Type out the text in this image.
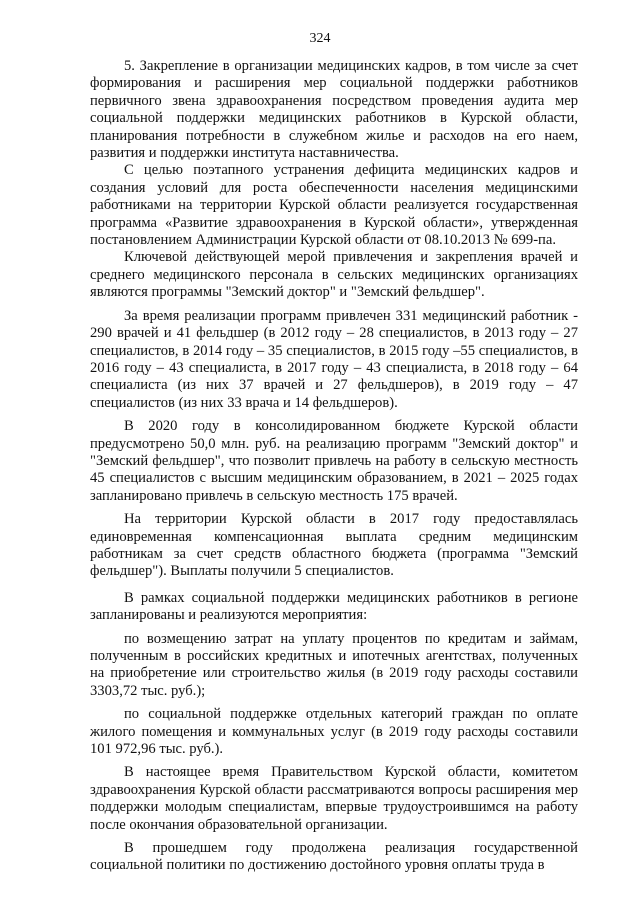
324

5. Закрепление в организации медицинских кадров, в том числе за счет формирования и расширения мер социальной поддержки работников первичного звена здравоохранения посредством проведения аудита мер социальной поддержки медицинских работников в Курской области, планирования потребности в служебном жилье и расходов на его наем, развития и поддержки института наставничества.

С целью поэтапного устранения дефицита медицинских кадров и создания условий для роста обеспеченности населения медицинскими работниками на территории Курской области реализуется государственная программа «Развитие здравоохранения в Курской области», утвержденная постановлением Администрации Курской области от 08.10.2013 № 699-па.

Ключевой действующей мерой привлечения и закрепления врачей и среднего медицинского персонала в сельских медицинских организациях являются программы "Земский доктор" и "Земский фельдшер".

За время реализации программ привлечен 331 медицинский работник - 290 врачей и 41 фельдшер (в 2012 году – 28 специалистов, в 2013 году – 27 специалистов, в 2014 году – 35 специалистов, в 2015 году –55 специалистов, в 2016 году – 43 специалиста, в 2017 году – 43 специалиста, в 2018 году – 64 специалиста (из них 37 врачей и 27 фельдшеров), в 2019 году – 47 специалистов (из них 33 врача и 14 фельдшеров).

В 2020 году в консолидированном бюджете Курской области предусмотрено 50,0 млн. руб. на реализацию программ "Земский доктор" и "Земский фельдшер", что позволит привлечь на работу в сельскую местность 45 специалистов с высшим медицинским образованием, в 2021 – 2025 годах запланировано привлечь в сельскую местность 175 врачей.

На территории Курской области в 2017 году предоставлялась единовременная компенсационная выплата средним медицинским работникам за счет средств областного бюджета (программа "Земский фельдшер"). Выплаты получили 5 специалистов.

В рамках социальной поддержки медицинских работников в регионе запланированы и реализуются мероприятия:

по возмещению затрат на уплату процентов по кредитам и займам, полученным в российских кредитных и ипотечных агентствах, полученных на приобретение или строительство жилья (в 2019 году расходы составили 3303,72 тыс. руб.);

по социальной поддержке отдельных категорий граждан по оплате жилого помещения и коммунальных услуг (в 2019 году расходы составили 101 972,96 тыс. руб.).

В настоящее время Правительством Курской области, комитетом здравоохранения Курской области рассматриваются вопросы расширения мер поддержки молодым специалистам, впервые трудоустроившимся на работу после окончания образовательной организации.

В прошедшем году продолжена реализация государственной социальной политики по достижению достойного уровня оплаты труда в
